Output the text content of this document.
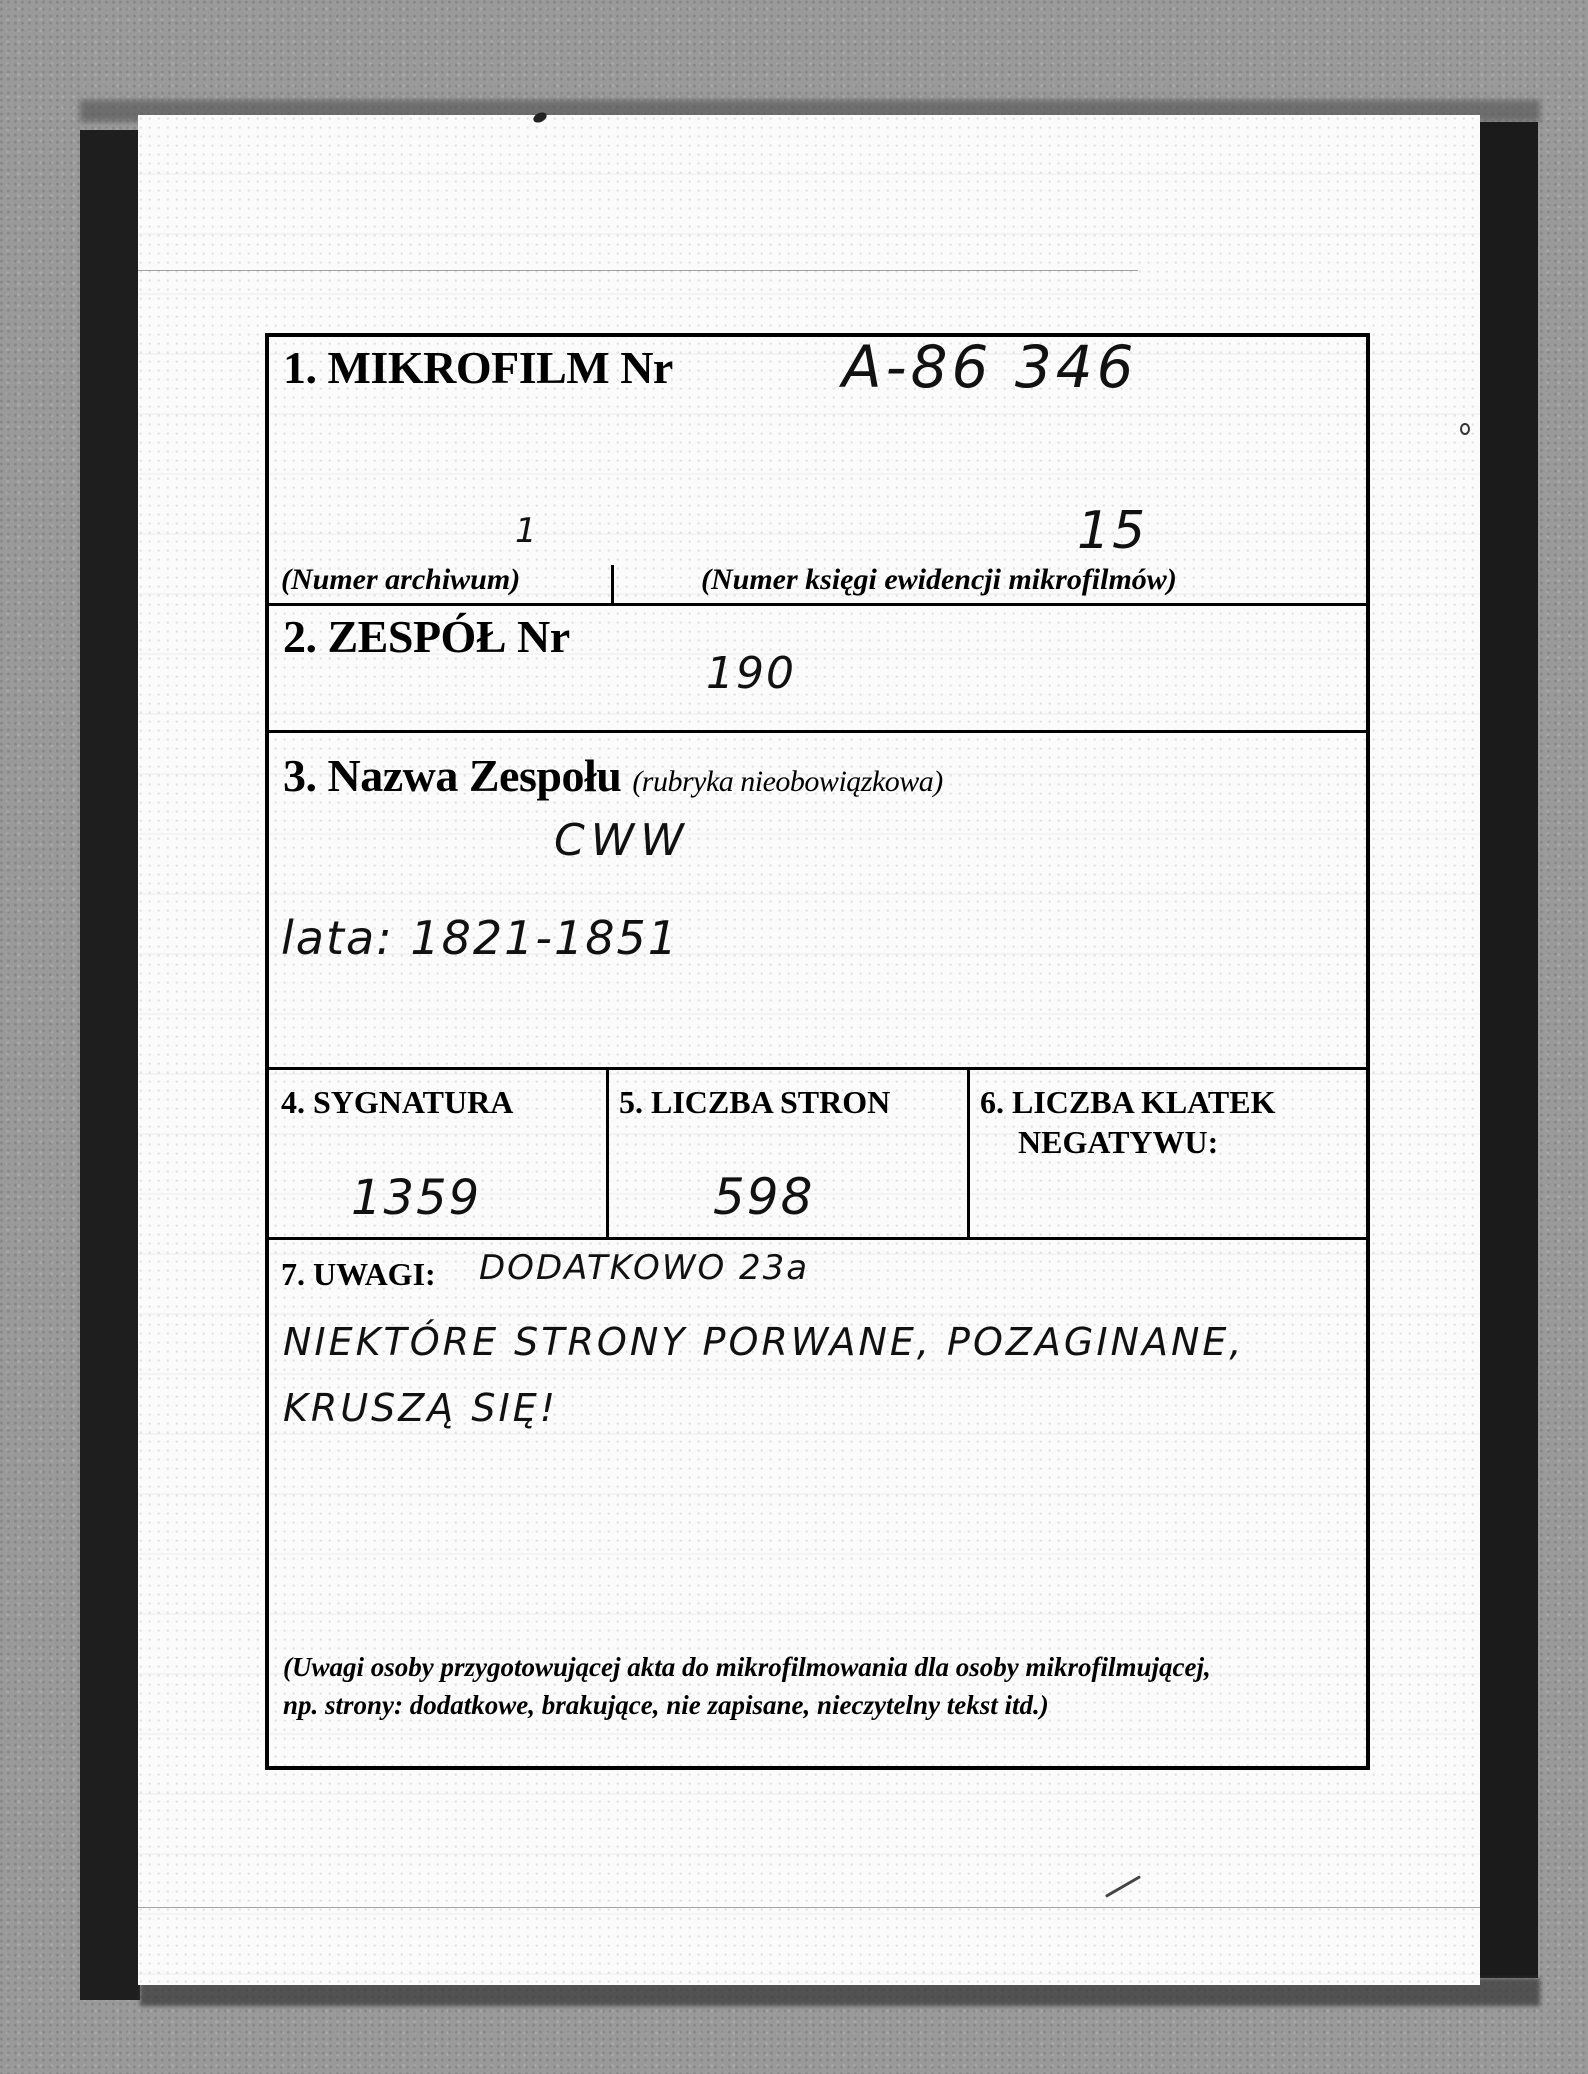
1. MIKROFILM Nr	A-86 346
1	15
(Numer archiwum)	(Numer księgi ewidencji mikrofilmów)
2. ZESPÓŁ Nr
190
3. Nazwa Zespołu (rubryka nieobowiązkowa)
CWW
lata: 1821-1851
4. SYGNATURA
1359
5. LICZBA STRON
598
6. LICZBA KLATEK
NEGATYWU:
7. UWAGI: DODATKOWO 23a
NIEKTÓRE STRONY PORWANE, POZAGINANE,
KRUSZĄ SIĘ!
(Uwagi osoby przygotowującej akta do mikrofilmowania dla osoby mikrofilmującej,
np. strony: dodatkowe, brakujące, nie zapisane, nieczytelny tekst itd.)
